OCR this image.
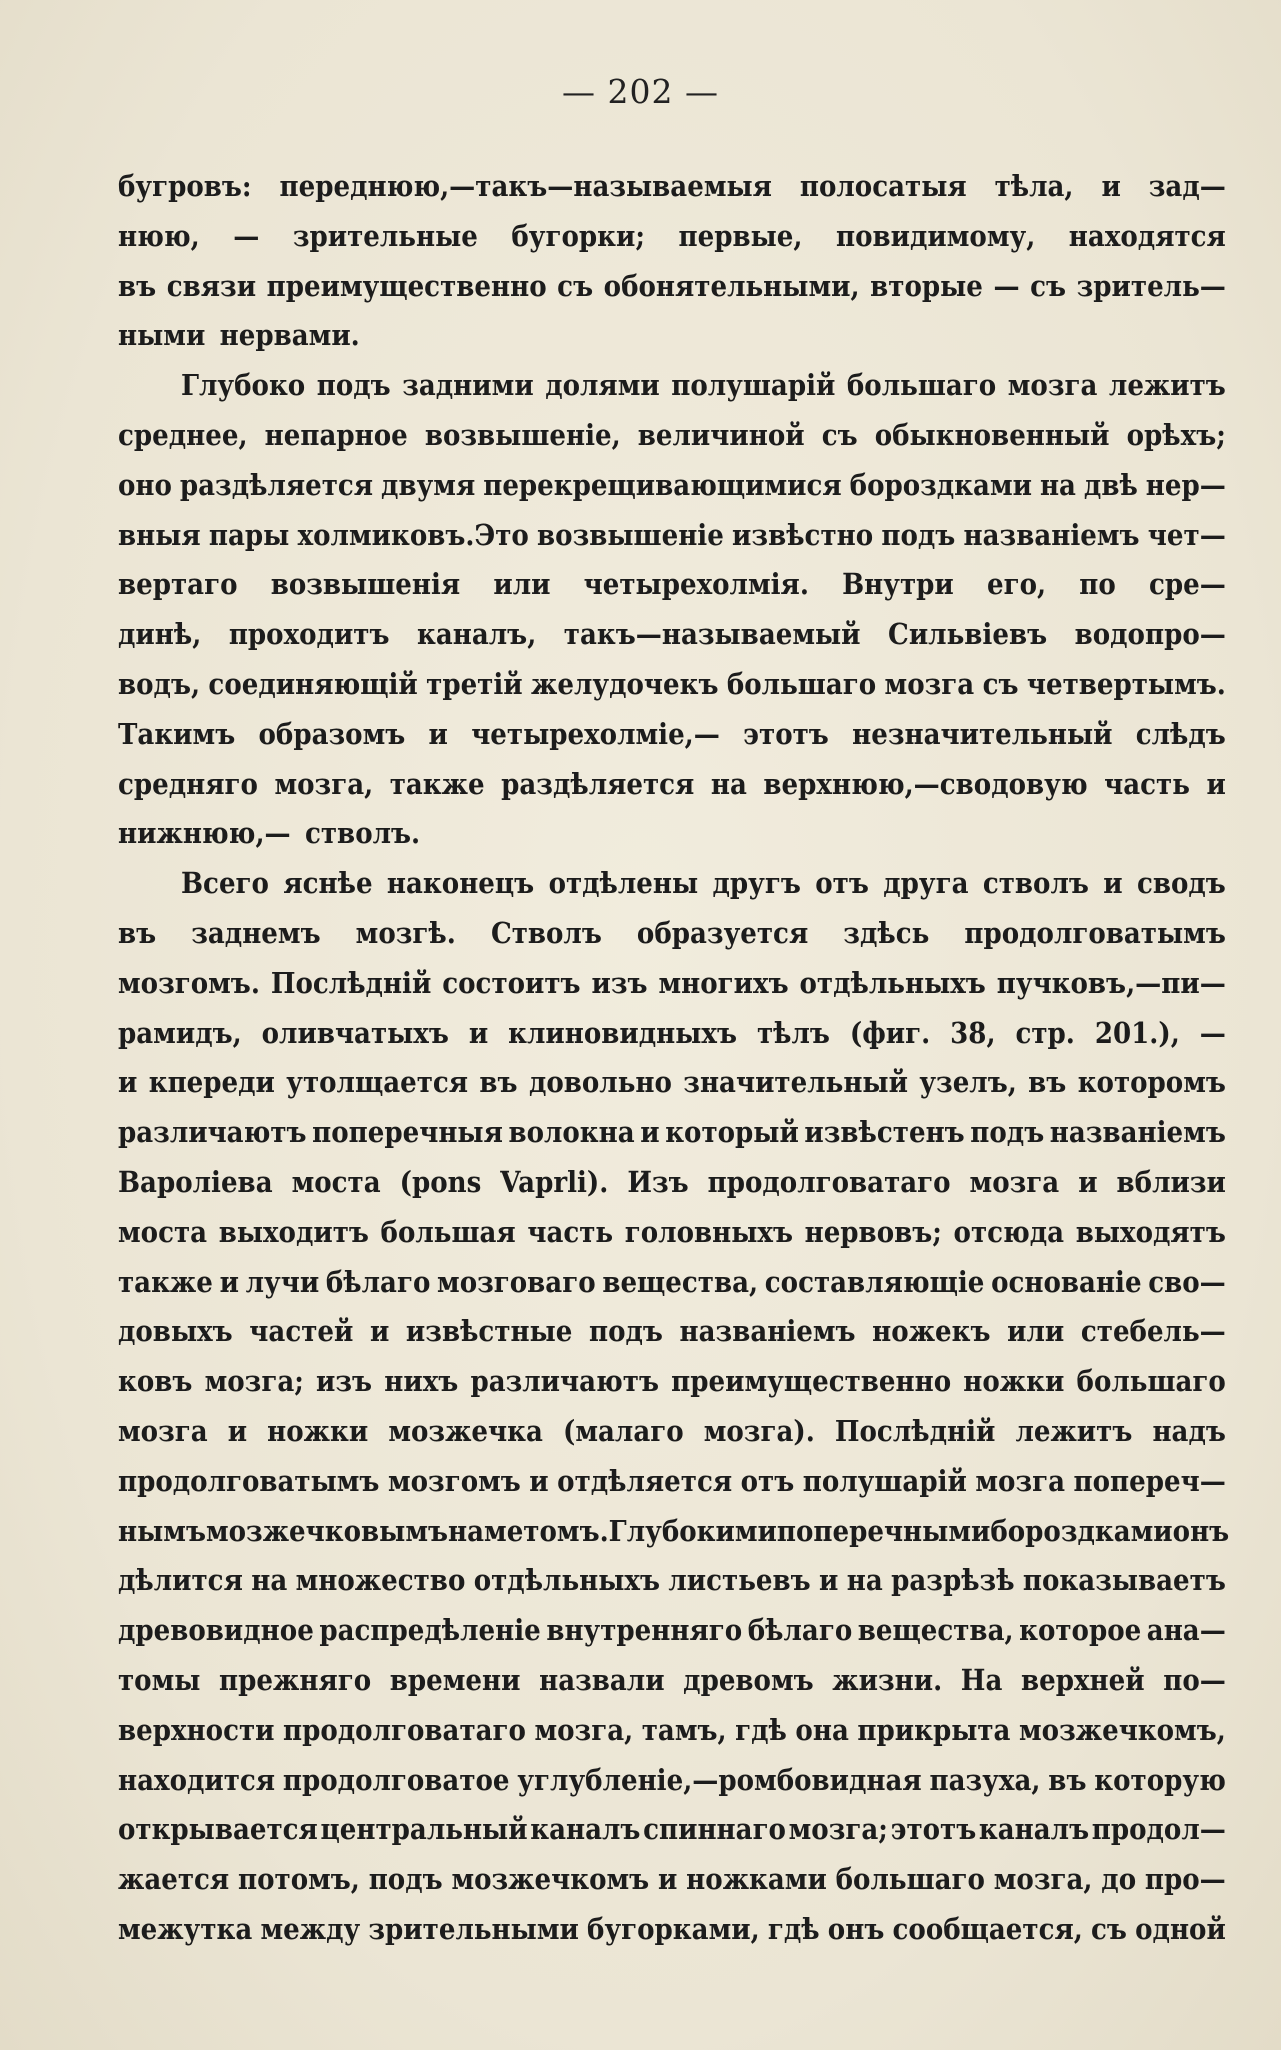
— 202 —
бугровъ: переднюю,—такъ—называемыя полосатыя тѣла, и зад—
нюю, — зрительные бугорки; первые, повидимому, находятся
въ связи преимущественно съ обонятельными, вторые — съ зритель—
ными нервами.
Глубоко подъ задними долями полушарій большаго мозга лежитъ
среднее, непарное возвышеніе, величиной съ обыкновенный орѣхъ;
оно раздѣляется двумя перекрещивающимися бороздками на двѣ нер—
вныя пары холмиковъ.Это возвышеніе извѣстно подъ названіемъ чет—
вертаго возвышенія или четыреxолмія. Внутри его, по сре—
динѣ, проходитъ каналъ, такъ—называемый Сильвіевъ водопро—
водъ, соединяющій третій желудочекъ большаго мозга съ четвертымъ.
Такимъ образомъ и четыреxолміе,— этотъ незначительный слѣдъ
средняго мозга, также раздѣляется на верхнюю,—сводовую часть и
нижнюю,— стволъ.
Всего яснѣе наконецъ отдѣлены другъ отъ друга стволъ и сводъ
въ заднемъ мозгѣ. Стволъ образуется здѣсь продолговатымъ
мозгомъ. Послѣдній состоитъ изъ многихъ отдѣльныхъ пучковъ,—пи—
рамидъ, оливчатыхъ и клиновидныхъ тѣлъ (фиг. 38, стр. 201.), —
и кпереди утолщается въ довольно значительный узелъ, въ которомъ
различаютъ поперечныя волокна и который извѣстенъ подъ названіемъ
Вароліева моста (pons Vaprli). Изъ продолговатаго мозга и вблизи
моста выходитъ большая часть головныхъ нервовъ; отсюда выходятъ
также и лучи бѣлаго мозговаго вещества, составляющіе основаніе сво—
довыхъ частей и извѣстные подъ названіемъ ножекъ или стебель—
ковъ мозга; изъ нихъ различаютъ преимущественно ножки большаго
мозга и ножки мозжечка (малаго мозга). Послѣдній лежитъ надъ
продолговатымъ мозгомъ и отдѣляется отъ полушарій мозга попереч—
нымъ мозжечковымъ наметомъ. Глубокими поперечными бороздками онъ
дѣлится на множество отдѣльныхъ листьевъ и на разрѣзѣ показываетъ
древовидное распредѣленіе внутренняго бѣлаго вещества, которое ана—
томы прежняго времени назвали древомъ жизни. На верхней по—
верхности продолговатаго мозга, тамъ, гдѣ она прикрыта мозжечкомъ,
находится продолговатое углубленіе,—ромбовидная пазуха, въ которую
открывается центральный каналъ спиннаго мозга; этотъ каналъ продол—
жается потомъ, подъ мозжечкомъ и ножками большаго мозга, до про—
межутка между зрительными бугорками, гдѣ онъ сообщается, съ одной
